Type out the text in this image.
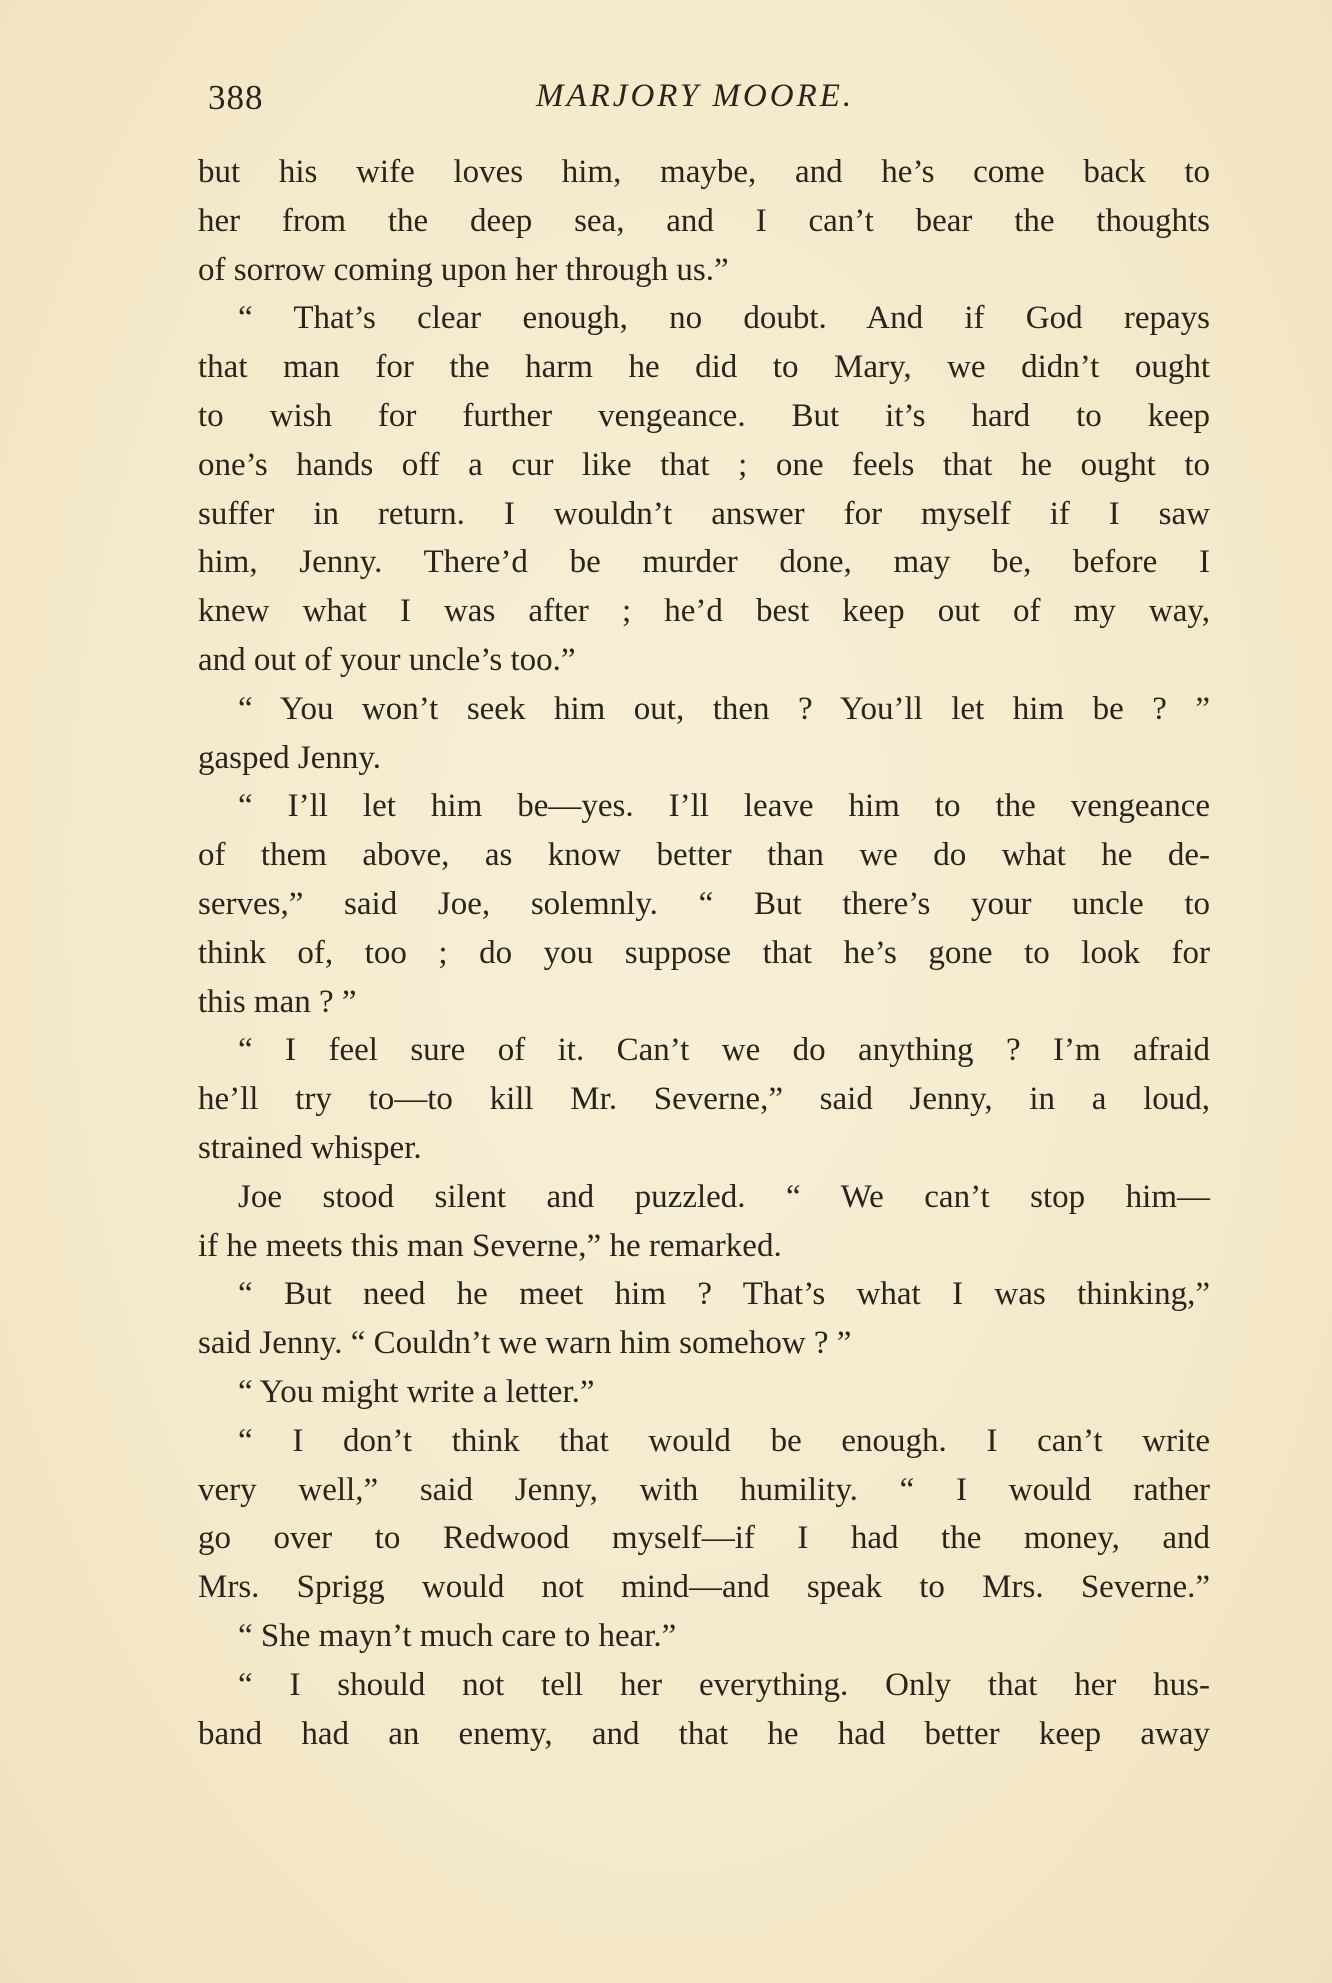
388	MARJORY MOORE.
but his wife loves him, maybe, and he’s come back to
her from the deep sea, and I can’t bear the thoughts
of sorrow coming upon her through us.”
“ That’s clear enough, no doubt. And if God repays
that man for the harm he did to Mary, we didn’t ought
to wish for further vengeance. But it’s hard to keep
one’s hands off a cur like that ; one feels that he ought to
suffer in return. I wouldn’t answer for myself if I saw
him, Jenny. There’d be murder done, may be, before I
knew what I was after ; he’d best keep out of my way,
and out of your uncle’s too.”
“ You won’t seek him out, then ? You’ll let him be ? ”
gasped Jenny.
“ I’ll let him be—yes. I’ll leave him to the vengeance
of them above, as know better than we do what he de-
serves,” said Joe, solemnly. “ But there’s your uncle to
think of, too ; do you suppose that he’s gone to look for
this man ? ”
“ I feel sure of it. Can’t we do anything ? I’m afraid
he’ll try to—to kill Mr. Severne,” said Jenny, in a loud,
strained whisper.
Joe stood silent and puzzled. “ We can’t stop him—
if he meets this man Severne,” he remarked.
“ But need he meet him ? That’s what I was thinking,”
said Jenny. “ Couldn’t we warn him somehow ? ”
“ You might write a letter.”
“ I don’t think that would be enough. I can’t write
very well,” said Jenny, with humility. “ I would rather
go over to Redwood myself—if I had the money, and
Mrs. Sprigg would not mind—and speak to Mrs. Severne.”
“ She mayn’t much care to hear.”
“ I should not tell her everything. Only that her hus-
band had an enemy, and that he had better keep away
